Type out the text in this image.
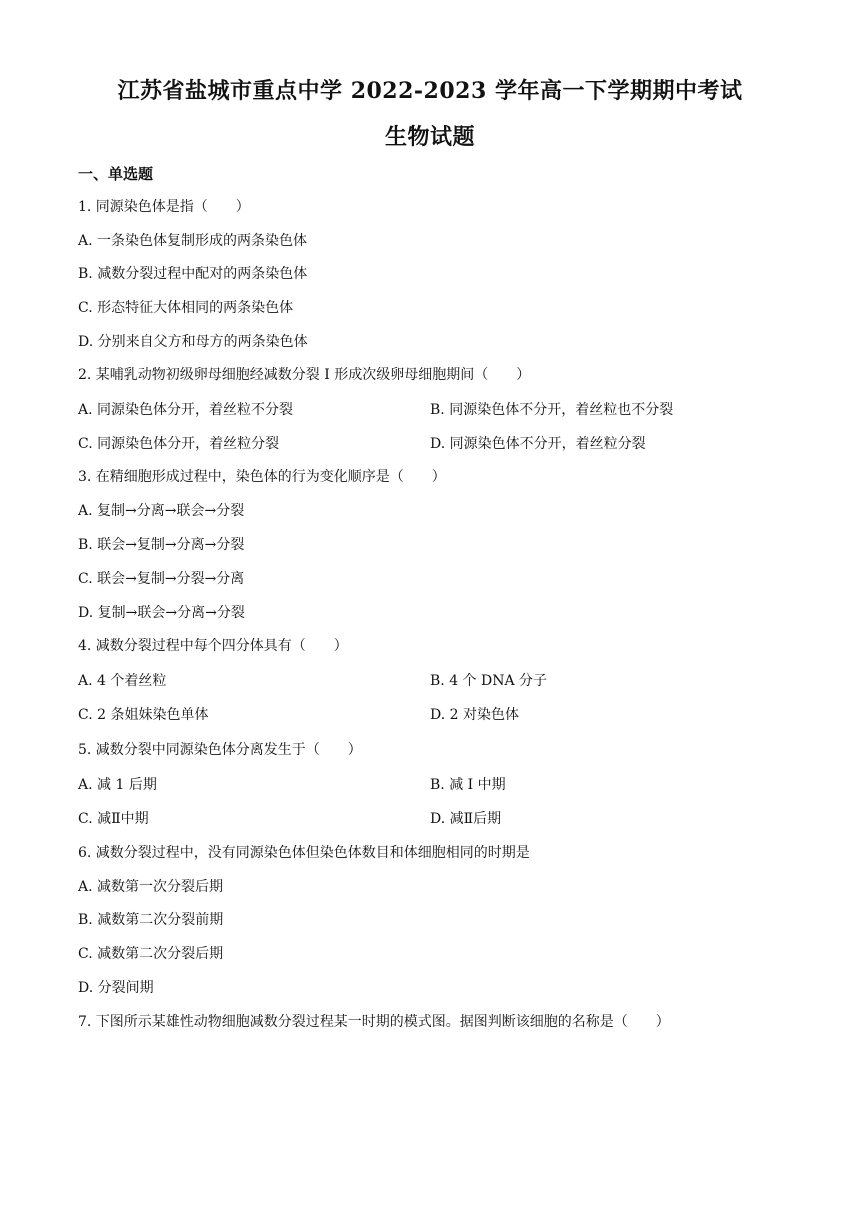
江苏省盐城市重点中学 2022-2023 学年高一下学期期中考试
生物试题
一、单选题
1. 同源染色体是指（　　）
A. 一条染色体复制形成的两条染色体
B. 减数分裂过程中配对的两条染色体
C. 形态特征大体相同的两条染色体
D. 分别来自父方和母方的两条染色体
2. 某哺乳动物初级卵母细胞经减数分裂 I 形成次级卵母细胞期间（　　）
A. 同源染色体分开，着丝粒不分裂	B. 同源染色体不分开，着丝粒也不分裂
C. 同源染色体分开，着丝粒分裂	D. 同源染色体不分开，着丝粒分裂
3. 在精细胞形成过程中，染色体的行为变化顺序是（　　）
A. 复制→分离→联会→分裂
B. 联会→复制→分离→分裂
C. 联会→复制→分裂→分离
D. 复制→联会→分离→分裂
4. 减数分裂过程中每个四分体具有（　　）
A. 4 个着丝粒	B. 4 个 DNA 分子
C. 2 条姐妹染色单体	D. 2 对染色体
5. 减数分裂中同源染色体分离发生于（　　）
A. 减 1 后期	B. 减 I 中期
C. 减Ⅱ中期	D. 减Ⅱ后期
6. 减数分裂过程中，没有同源染色体但染色体数目和体细胞相同的时期是
A. 减数第一次分裂后期
B. 减数第二次分裂前期
C. 减数第二次分裂后期
D. 分裂间期
7. 下图所示某雄性动物细胞减数分裂过程某一时期的模式图。据图判断该细胞的名称是（　　）
